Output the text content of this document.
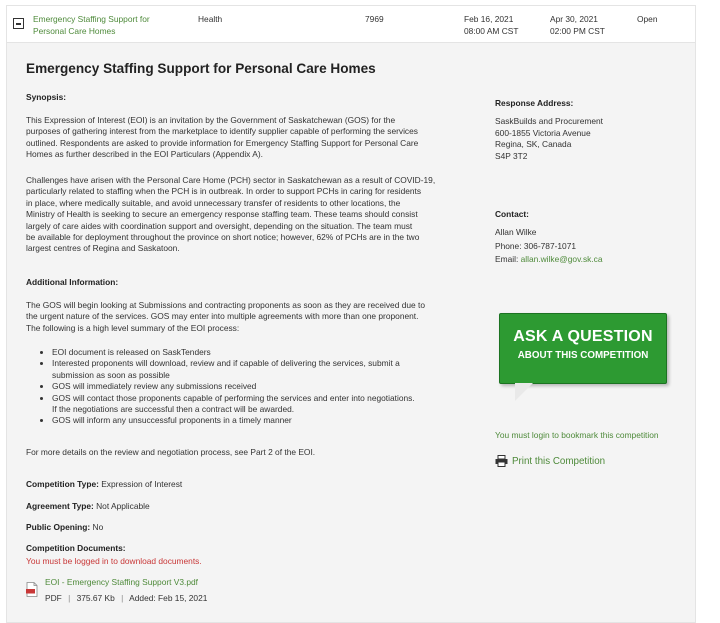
Emergency Staffing Support for
Personal Care Homes
Health	7969	Feb 16, 2021
08:00 AM CST
Apr 30, 2021
02:00 PM CST
Open
Emergency Staffing Support for Personal Care Homes
Synopsis:
This Expression of Interest (EOI) is an invitation by the Government of Saskatchewan (GOS) for the
purposes of gathering interest from the marketplace to identify supplier capable of performing the services
outlined. Respondents are asked to provide information for Emergency Staffing Support for Personal Care
Homes as further described in the EOI Particulars (Appendix A).
Challenges have arisen with the Personal Care Home (PCH) sector in Saskatchewan as a result of COVID-19,
particularly related to staffing when the PCH is in outbreak. In order to support PCHs in caring for residents
in place, where medically suitable, and avoid unnecessary transfer of residents to other locations, the
Ministry of Health is seeking to secure an emergency response staffing team. These teams should consist
largely of care aides with coordination support and oversight, depending on the situation. The team must
be available for deployment throughout the province on short notice; however, 62% of PCHs are in the two
largest centres of Regina and Saskatoon.
Additional Information:
The GOS will begin looking at Submissions and contracting proponents as soon as they are received due to
the urgent nature of the services. GOS may enter into multiple agreements with more than one proponent.
The following is a high level summary of the EOI process:
• EOI document is released on SaskTenders
• Interested proponents will download, review and if capable of delivering the services, submit a
submission as soon as possible
• GOS will immediately review any submissions received
• GOS will contact those proponents capable of performing the services and enter into negotiations.
If the negotiations are successful then a contract will be awarded.
• GOS will inform any unsuccessful proponents in a timely manner
For more details on the review and negotiation process, see Part 2 of the EOI.
Competition Type: Expression of Interest
Agreement Type: Not Applicable
Public Opening: No
Competition Documents:
You must be logged in to download documents.
EOI - Emergency Staffing Support V3.pdf
PDF | 375.67 Kb | Added: Feb 15, 2021
Response Address:
SaskBuilds and Procurement
600-1855 Victoria Avenue
Regina, SK, Canada
S4P 3T2
Contact:
Allan Wilke
Phone: 306-787-1071
Email: allan.wilke@gov.sk.ca
ASK A QUESTION
ABOUT THIS COMPETITION
You must login to bookmark this competition
Print this Competition
